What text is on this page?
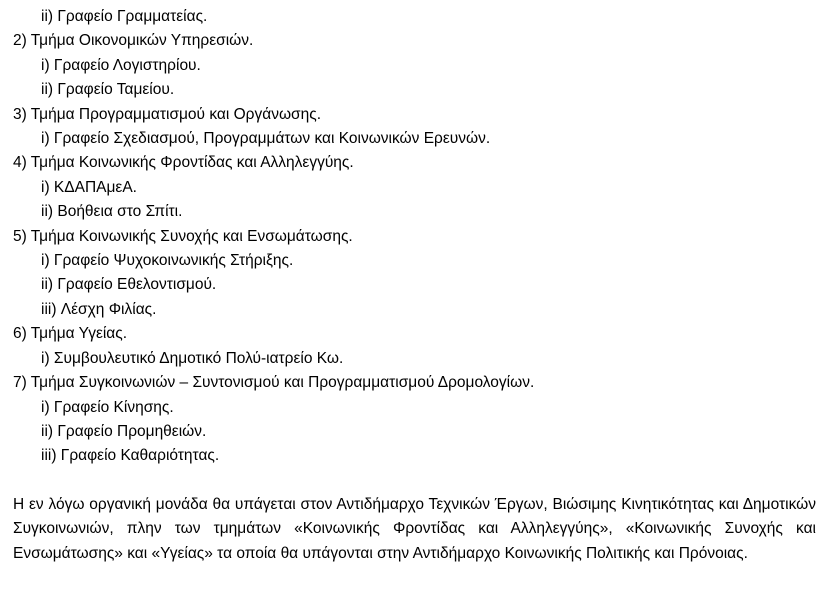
ii) Γραφείο Γραμματείας.
2) Τμήμα Οικονομικών Υπηρεσιών.
i) Γραφείο Λογιστηρίου.
ii) Γραφείο Ταμείου.
3) Τμήμα Προγραμματισμού και Οργάνωσης.
i) Γραφείο Σχεδιασμού, Προγραμμάτων και Κοινωνικών Ερευνών.
4) Τμήμα Κοινωνικής Φροντίδας και Αλληλεγγύης.
i) ΚΔΑΠΑμεΑ.
ii) Βοήθεια στο Σπίτι.
5) Τμήμα Κοινωνικής Συνοχής και Ενσωμάτωσης.
i) Γραφείο Ψυχοκοινωνικής Στήριξης.
ii) Γραφείο Εθελοντισμού.
iii) Λέσχη Φιλίας.
6) Τμήμα Υγείας.
i) Συμβουλευτικό Δημοτικό Πολύ-ιατρείο Κω.
7) Τμήμα Συγκοινωνιών – Συντονισμού και Προγραμματισμού Δρομολογίων.
i) Γραφείο Κίνησης.
ii) Γραφείο Προμηθειών.
iii) Γραφείο Καθαριότητας.
Η εν λόγω οργανική μονάδα θα υπάγεται στον Αντιδήμαρχο Τεχνικών Έργων, Βιώσιμης Κινητικότητας και Δημοτικών Συγκοινωνιών, πλην των τμημάτων «Κοινωνικής Φροντίδας και Αλληλεγγύης», «Κοινωνικής Συνοχής και Ενσωμάτωσης» και «Υγείας» τα οποία θα υπάγονται στην Αντιδήμαρχο Κοινωνικής Πολιτικής και Πρόνοιας.
